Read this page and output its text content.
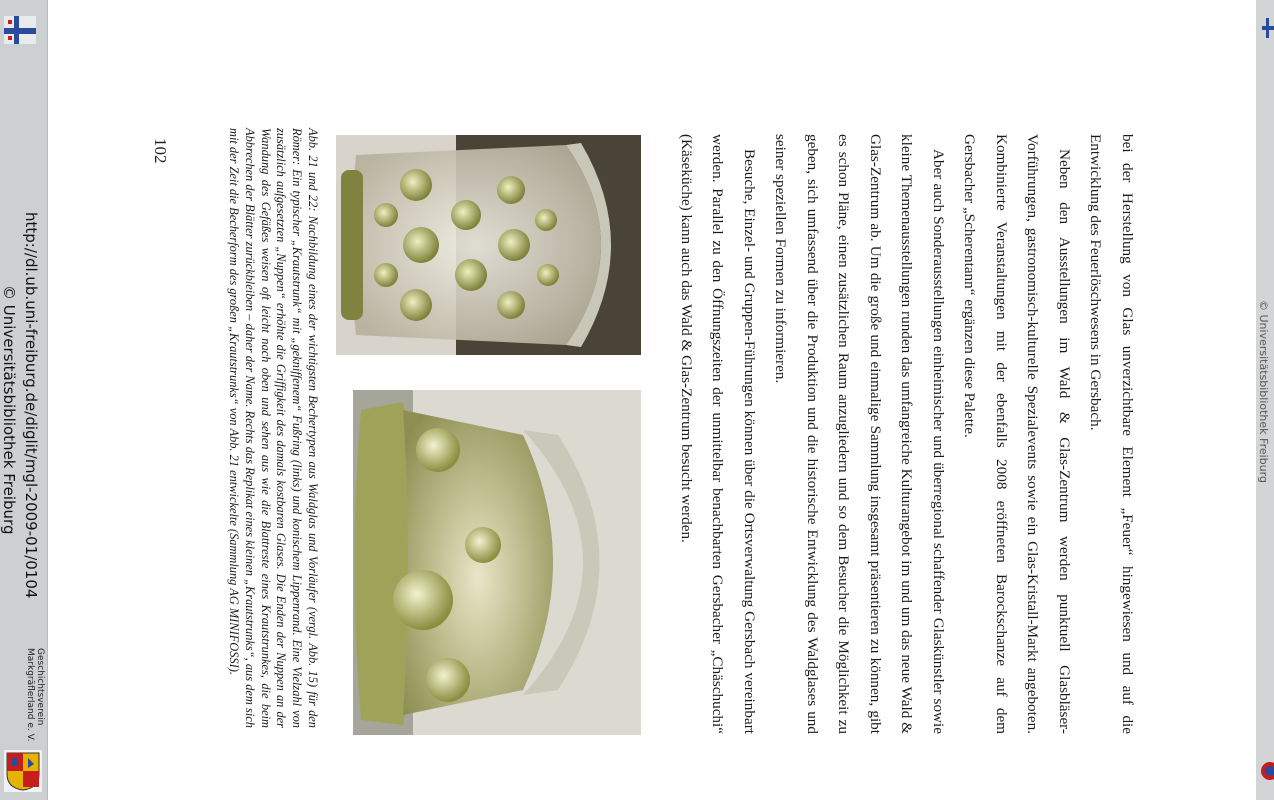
Geschichtsverein
Markgräflerland e. V.
102
http://dl.ub.uni-freiburg.de/diglit/mgl-2009-01/0104
© Universitätsbibliothek Freiburg	© Universitätsbibliothek Freiburg

bei der Herstellung von Glas unverzichtbare Element „Feuer“ hingewiesen und auf die Entwicklung des Feuerlöschwesens in Gersbach.

Neben den Ausstellungen im Wald & Glas-Zentrum werden punktuell Glasbläser-Vorführungen, gastronomisch-kulturelle Spezialevents sowie ein Glas-Kristall-Markt angeboten. Kombinierte Veranstaltungen mit der ebenfalls 2008 eröffneten Barockschanze auf dem Gersbacher „Scherentann“ ergänzen diese Palette.

Aber auch Sonderausstellungen einheimischer und überregional schaffender Glaskünstler sowie kleine Themenausstellungen runden das umfangreiche Kulturangebot im und um das neue Wald & Glas-Zentrum ab. Um die große und einmalige Sammlung insgesamt präsentieren zu können, gibt es schon Pläne, einen zusätzlichen Raum anzugliedern und so dem Besucher die Möglichkeit zu geben, sich umfassend über die Produktion und die historische Entwicklung des Waldglases und seiner speziellen Formen zu informieren.

Besuche, Einzel- und Gruppen-Führungen können über die Ortsverwaltung Gersbach vereinbart werden. Parallel zu den Öffnungszeiten der unmittelbar benachbarten Gersbacher „Chäschuchi“ (Käseküche) kann auch das Wald & Glas-Zentrum besucht werden.

Abb. 21 und 22: Nachbildung eines der wichtigsten Bechertypen aus Waldglas und Vorläufer (vergl. Abb. 15) für den Römer: Ein typischer „Krautstrunk“ mit „gekniffenem“ Fußring (links) und konischem Lippenrand. Eine Vielzahl von zusätzlich aufgesetzten „Nuppen“ erhöhte die Griffigkeit des damals kostbaren Glases. Die Enden der Nuppen an der Wandung des Gefäßes weisen oft leicht nach oben und sehen aus wie die Blattreste eines Krautstrunkes, die beim Abbrechen der Blätter zurückbleiben – daher der Name. Rechts das Replikat eines kleinen „Krautstrunks“, aus dem sich mit der Zeit die Becherform des großen „Krautstrunks“ von Abb. 21 entwickelte (Sammlung AG MINIFOSSI).
